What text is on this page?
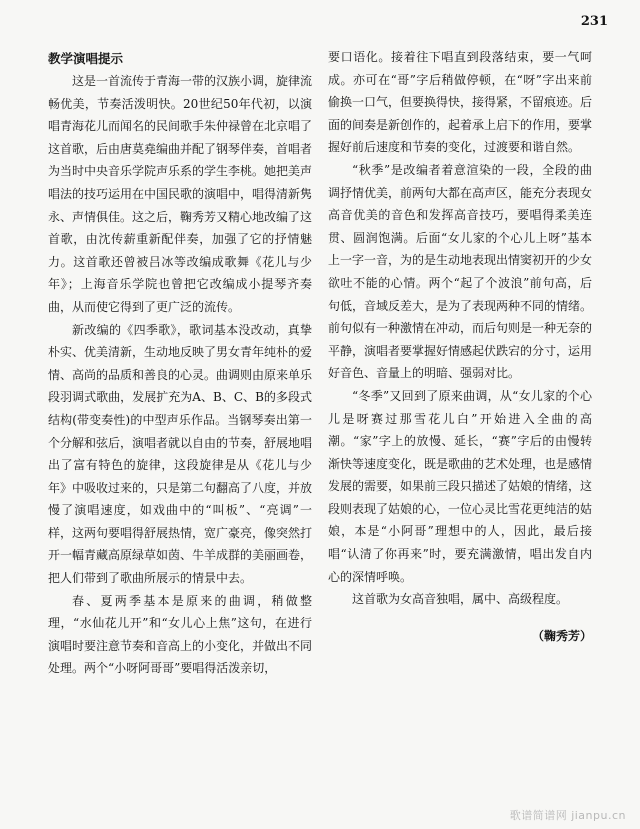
231
教学演唱提示

这是一首流传于青海一带的汉族小调，旋律流畅优美，节奏活泼明快。20世纪50年代初，以演唱青海花儿而闻名的民间歌手朱仲禄曾在北京唱了这首歌，后由唐莫堯编曲并配了钢琴伴奏，首唱者为当时中央音乐学院声乐系的学生李桃。她把美声唱法的技巧运用在中国民歌的演唱中，唱得清新隽永、声情俱佳。这之后，鞠秀芳又精心地改编了这首歌，由沈传薪重新配伴奏，加强了它的抒情魅力。这首歌还曾被吕冰等改编成歌舞《花儿与少年》；上海音乐学院也曾把它改编成小提琴齐奏曲，从而使它得到了更广泛的流传。

新改编的《四季歌》，歌词基本没改动，真挚朴实、优美清新，生动地反映了男女青年纯朴的爱情、高尚的品质和善良的心灵。曲调则由原来单乐段羽调式歌曲，发展扩充为A、B、C、B的多段式结构(带变奏性)的中型声乐作品。当钢琴奏出第一个分解和弦后，演唱者就以自由的节奏，舒展地唱出了富有特色的旋律，这段旋律是从《花儿与少年》中吸收过来的，只是第二句翻高了八度，并放慢了演唱速度，如戏曲中的“叫板”、“亮调”一样，这两句要唱得舒展热情，宽广豪亮，像突然打开一幅青藏高原绿草如茵、牛羊成群的美丽画卷，把人们带到了歌曲所展示的情景中去。

春、夏两季基本是原来的曲调，稍做整理，“水仙花儿开”和“女儿心上焦”这句，在进行演唱时要注意节奏和音高上的小变化，并做出不同处理。两个“小呀阿哥哥”要唱得活泼亲切，

要口语化。接着往下唱直到段落结束，要一气呵成。亦可在“哥”字后稍做停顿，在“呀”字出来前偷换一口气，但要换得快，接得紧，不留痕迹。后面的间奏是新创作的，起着承上启下的作用，要掌握好前后速度和节奏的变化，过渡要和谐自然。

“秋季”是改编者着意渲染的一段，全段的曲调抒情优美，前两句大都在高声区，能充分表现女高音优美的音色和发挥高音技巧，要唱得柔美连贯、圆润饱满。后面“女儿家的个心儿上呀”基本上一字一音，为的是生动地表现出情窦初开的少女欲吐不能的心情。两个“起了个波浪”前句高，后句低，音域反差大，是为了表现两种不同的情绪。前句似有一种激情在冲动，而后句则是一种无奈的平静，演唱者要掌握好情感起伏跌宕的分寸，运用好音色、音量上的明暗、强弱对比。

“冬季”又回到了原来曲调，从“女儿家的个心儿是呀赛过那雪花儿白”开始进入全曲的高潮。“家”字上的放慢、延长，“赛”字后的由慢转渐快等速度变化，既是歌曲的艺术处理，也是感情发展的需要，如果前三段只描述了姑娘的情绪，这段则表现了姑娘的心，一位心灵比雪花更纯洁的姑娘，本是“小阿哥”理想中的人，因此，最后接唱“认清了你再来”时，要充满激情，唱出发自内心的深情呼唤。

这首歌为女高音独唱，属中、高级程度。

（鞠秀芳）
歌谱简谱网 jianpu.cn
